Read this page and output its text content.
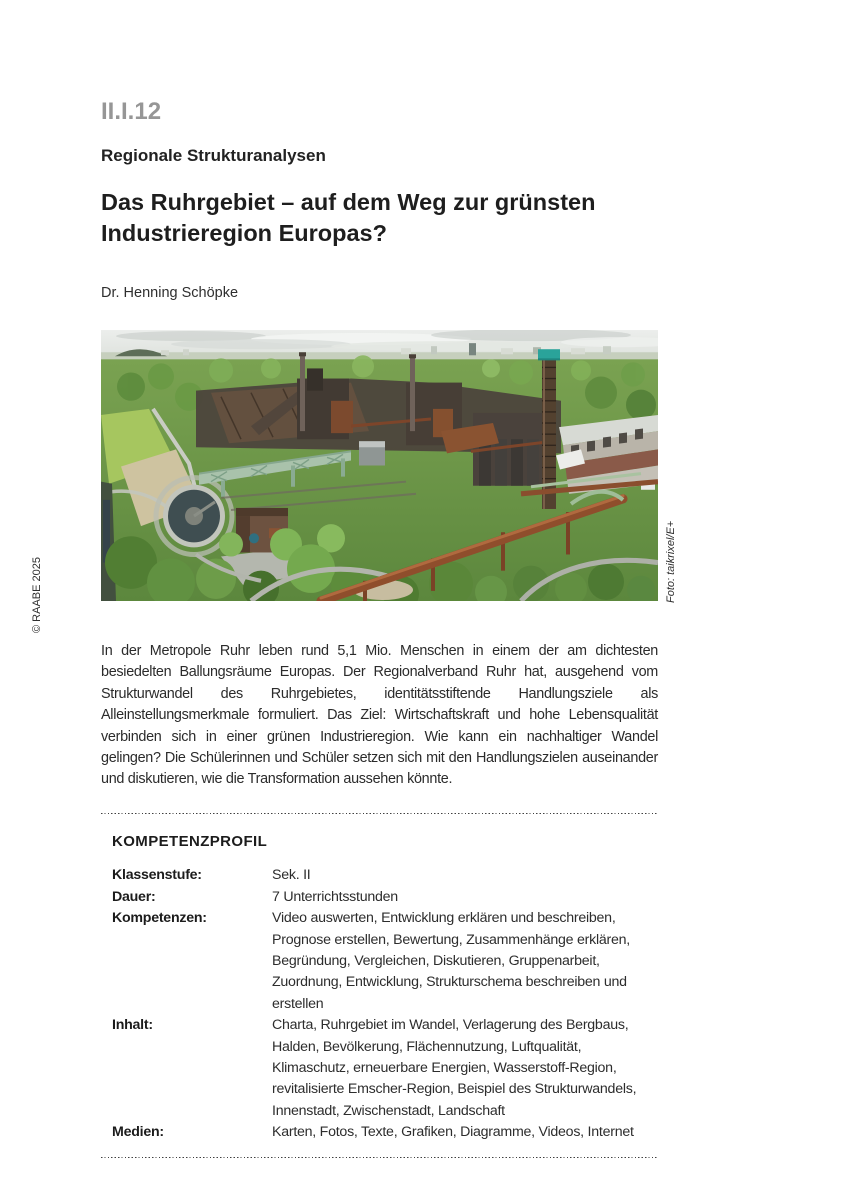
© RAABE 2025
II.I.12
Regionale Strukturanalysen
Das Ruhrgebiet – auf dem Weg zur grünsten
Industrieregion Europas?
Dr. Henning Schöpke
Foto: taikrixel/E+

In der Metropole Ruhr leben rund 5,1 Mio. Menschen in einem der am dichtesten besiedelten Ballungsräume Europas. Der Regionalverband Ruhr hat, ausgehend vom Strukturwandel des Ruhrgebietes, identitätsstiftende Handlungsziele als Alleinstellungsmerkmale formuliert. Das Ziel: Wirtschaftskraft und hohe Lebensqualität verbinden sich in einer grünen Industrieregion. Wie kann ein nachhaltiger Wandel gelingen? Die Schülerinnen und Schüler setzen sich mit den Handlungszielen auseinander und diskutieren, wie die Transformation aussehen könnte.

KOMPETENZPROFIL
Klassenstufe:	Sek. II
Dauer:	7 Unterrichtsstunden
Kompetenzen:	Video auswerten, Entwicklung erklären und beschreiben, Prognose erstellen, Bewertung, Zusammenhänge erklären, Begründung, Vergleichen, Diskutieren, Gruppenarbeit, Zuordnung, Entwicklung, Strukturschema beschreiben und erstellen
Inhalt:	Charta, Ruhrgebiet im Wandel, Verlagerung des Bergbaus, Halden, Bevölkerung, Flächennutzung, Luftqualität, Klimaschutz, erneuerbare Energien, Wasserstoff-Region, revitalisierte Emscher-Region, Beispiel des Strukturwandels, Innenstadt, Zwischenstadt, Landschaft
Medien:	Karten, Fotos, Texte, Grafiken, Diagramme, Videos, Internet
